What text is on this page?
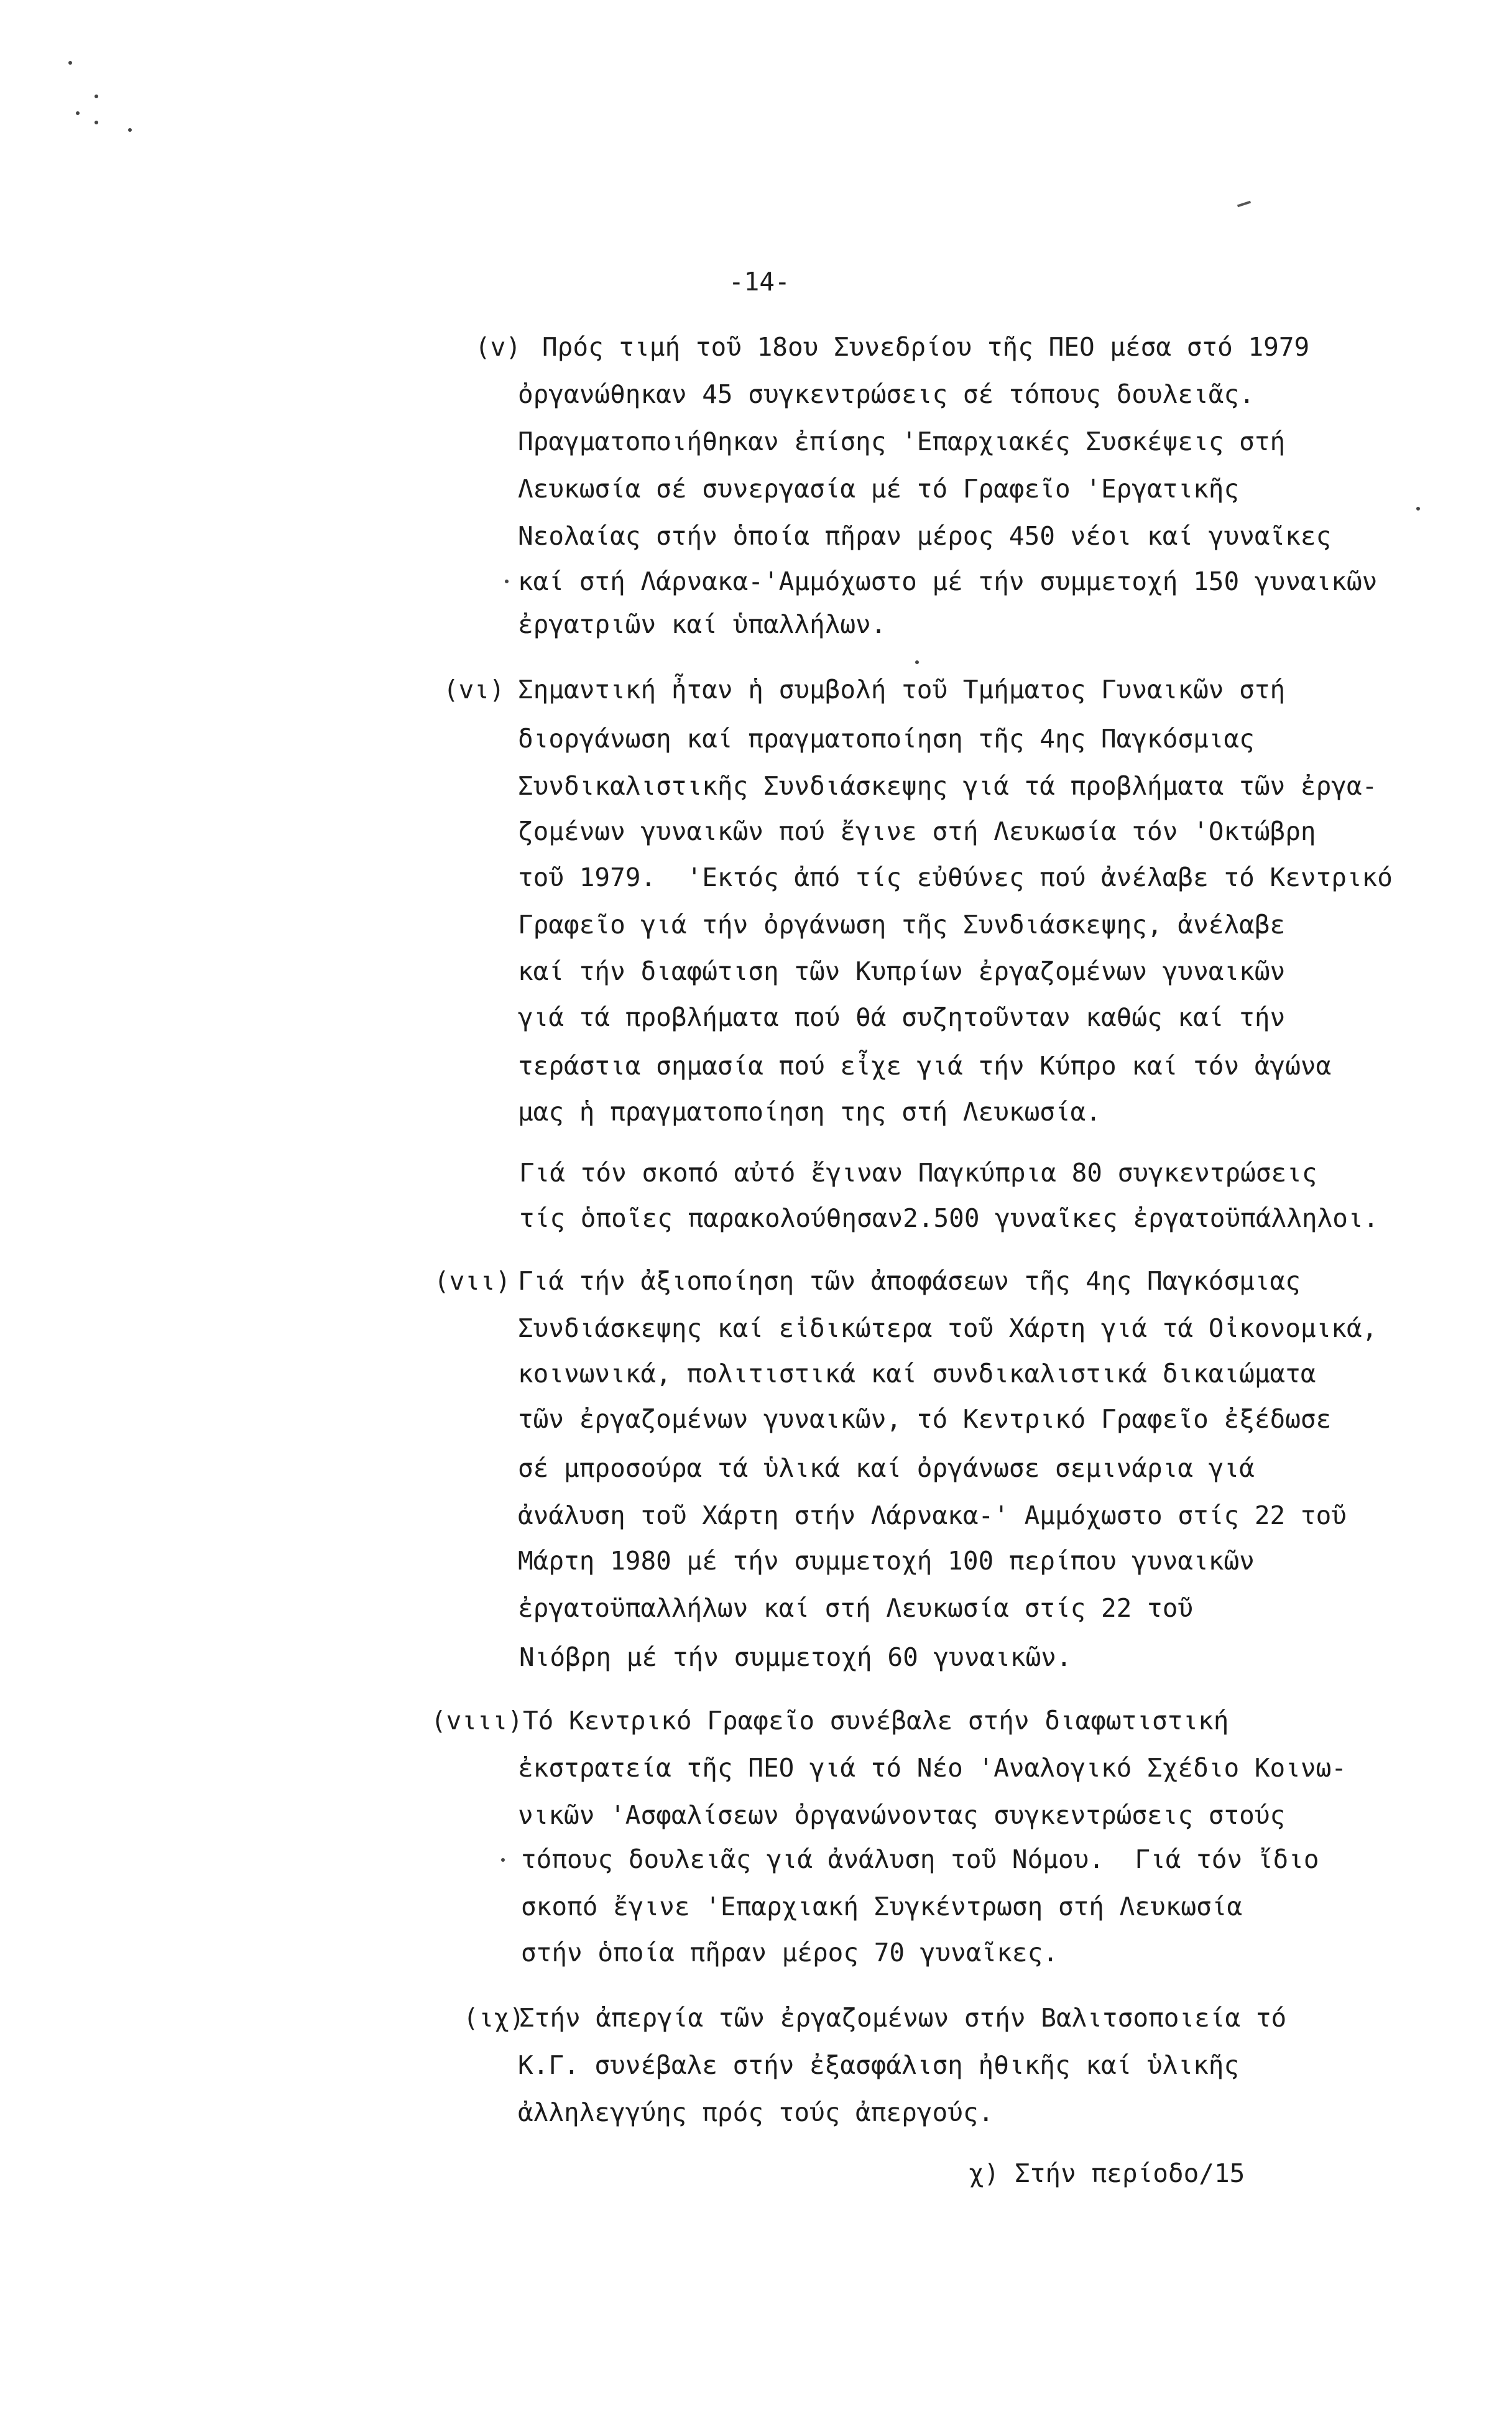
-14-
(v) Πρός τιμή τοῦ 18ου Συνεδρίου τῆς ΠΕΟ μέσα στό 1979
ὀργανώθηκαν 45 συγκεντρώσεις σέ τόπους δουλειᾶς.
Πραγματοποιήθηκαν ἐπίσης 'Επαρχιακές Συσκέψεις στή
Λευκωσία σέ συνεργασία μέ τό Γραφεῖο 'Εργατικῆς
Νεολαίας στήν ὁποία πῆραν μέρος 450 νέοι καί γυναῖκες
καί στή Λάρνακα-'Αμμόχωστο μέ τήν συμμετοχή 150 γυναικῶν
ἐργατριῶν καί ὑπαλλήλων.
(vι) Σημαντική ἦταν ἡ συμβολή τοῦ Τμήματος Γυναικῶν στή
διοργάνωση καί πραγματοποίηση τῆς 4ης Παγκόσμιας
Συνδικαλιστικῆς Συνδιάσκεψης γιά τά προβλήματα τῶν ἐργα-
ζομένων γυναικῶν πού ἔγινε στή Λευκωσία τόν 'Οκτώβρη
τοῦ 1979.  'Εκτός ἀπό τίς εὐθύνες πού ἀνέλαβε τό Κεντρικό
Γραφεῖο γιά τήν ὀργάνωση τῆς Συνδιάσκεψης, ἀνέλαβε
καί τήν διαφώτιση τῶν Κυπρίων ἐργαζομένων γυναικῶν
γιά τά προβλήματα πού θά συζητοῦνταν καθώς καί τήν
τεράστια σημασία πού εἶχε γιά τήν Κύπρο καί τόν ἀγώνα
μας ἡ πραγματοποίηση της στή Λευκωσία.
Γιά τόν σκοπό αὐτό ἔγιναν Παγκύπρια 80 συγκεντρώσεις
τίς ὁποῖες παρακολούθησαν2.500 γυναῖκες ἐργατοϋπάλληλοι.
(vιι) Γιά τήν ἀξιοποίηση τῶν ἀποφάσεων τῆς 4ης Παγκόσμιας
Συνδιάσκεψης καί εἰδικώτερα τοῦ Χάρτη γιά τά Οἰκονομικά,
κοινωνικά, πολιτιστικά καί συνδικαλιστικά δικαιώματα
τῶν ἐργαζομένων γυναικῶν, τό Κεντρικό Γραφεῖο ἐξέδωσε
σέ μπροσούρα τά ὑλικά καί ὀργάνωσε σεμινάρια γιά
ἀνάλυση τοῦ Χάρτη στήν Λάρνακα-' Αμμόχωστο στίς 22 τοῦ
Μάρτη 1980 μέ τήν συμμετοχή 100 περίπου γυναικῶν
ἐργατοϋπαλλήλων καί στή Λευκωσία στίς 22 τοῦ
Νιόβρη μέ τήν συμμετοχή 60 γυναικῶν.
(vιιι) Τό Κεντρικό Γραφεῖο συνέβαλε στήν διαφωτιστική
ἐκστρατεία τῆς ΠΕΟ γιά τό Νέο 'Αναλογικό Σχέδιο Κοινω-
νικῶν 'Ασφαλίσεων ὀργανώνοντας συγκεντρώσεις στούς
τόπους δουλειᾶς γιά ἀνάλυση τοῦ Νόμου.  Γιά τόν ἴδιο
σκοπό ἔγινε 'Επαρχιακή Συγκέντρωση στή Λευκωσία
στήν ὁποία πῆραν μέρος 70 γυναῖκες.
(ιχ)
Στήν ἀπεργία τῶν ἐργαζομένων στήν Βαλιτσοποιεία τό
Κ.Γ. συνέβαλε στήν ἐξασφάλιση ἠθικῆς καί ὑλικῆς
ἀλληλεγγύης πρός τούς ἀπεργούς.
χ) Στήν περίοδο/15
